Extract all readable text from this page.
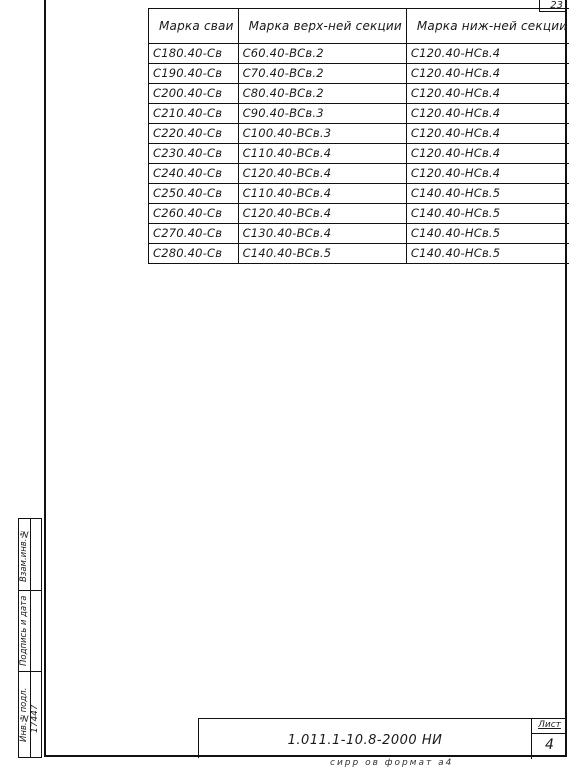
23
Марка сваи	Марка верх-ней секции	Марка ниж-ней секции
С180.40-Св	С60.40-ВСв.2	С120.40-НСв.4
С190.40-Св	С70.40-ВСв.2	С120.40-НСв.4
С200.40-Св	С80.40-ВСв.2	С120.40-НСв.4
С210.40-Св	С90.40-ВСв.3	С120.40-НСв.4
С220.40-Св	С100.40-ВСв.3	С120.40-НСв.4
С230.40-Св	С110.40-ВСв.4	С120.40-НСв.4
С240.40-Св	С120.40-ВСв.4	С120.40-НСв.4
С250.40-Св	С110.40-ВСв.4	С140.40-НСв.5
С260.40-Св	С120.40-ВСв.4	С140.40-НСв.5
С270.40-Св	С130.40-ВСв.4	С140.40-НСв.5
С280.40-Св	С140.40-ВСв.5	С140.40-НСв.5
Взам.инв.№
Подпись и дата
Инв.№подл. 17447
1.011.1-10.8-2000 НИ
Лист
4
сирр ов формат а4
